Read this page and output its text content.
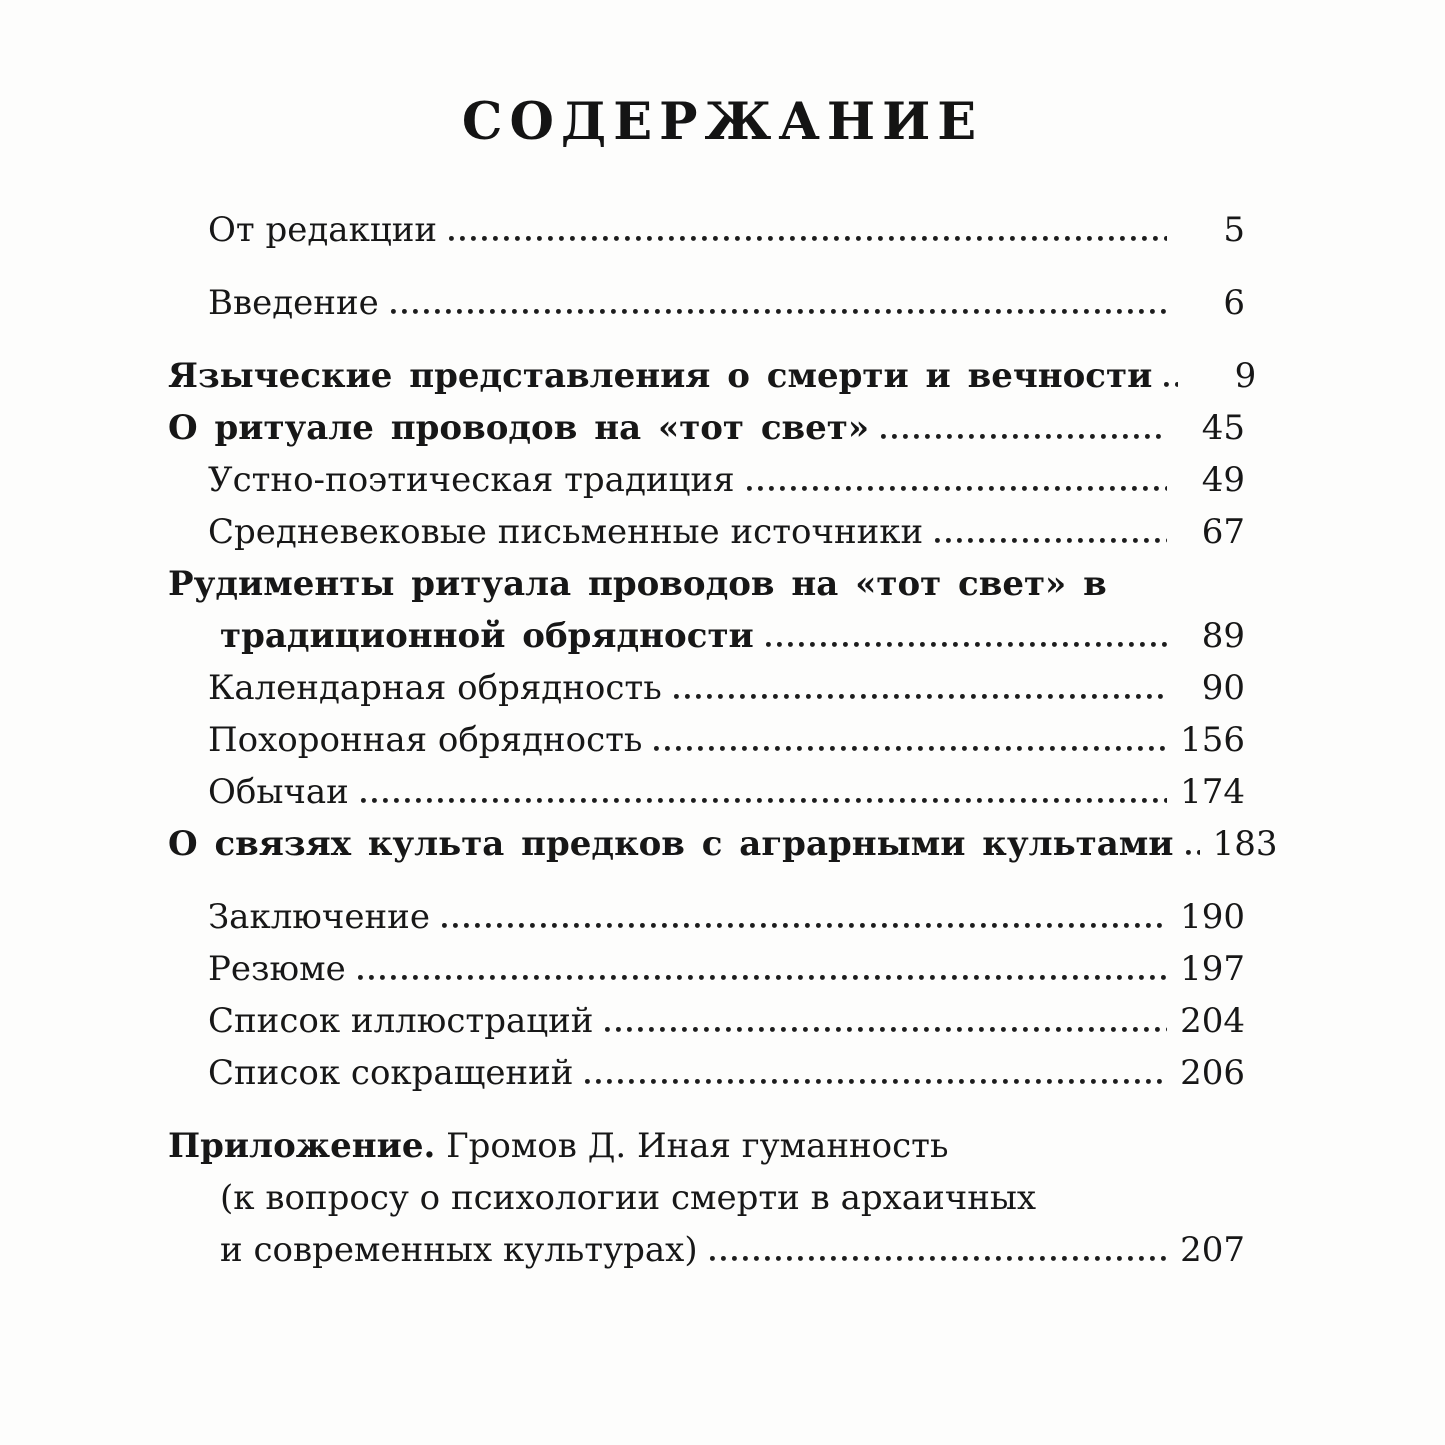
СОДЕРЖАНИЕ
От редакции	5
Введение	6
Языческие представления о смерти и вечности	9
О ритуале проводов на «тот свет»	45
Устно-поэтическая традиция	49
Средневековые письменные источники	67
Рудименты ритуала проводов на «тот свет» в
традиционной обрядности	89
Календарная обрядность	90
Похоронная обрядность	156
Обычаи	174
О связях культа предков с аграрными культами 183
Заключение	190
Резюме	197
Список иллюстраций	204
Список сокращений	206
Приложение. Громов Д. Иная гуманность
(к вопросу о психологии смерти в архаичных
и современных культурах)	207
